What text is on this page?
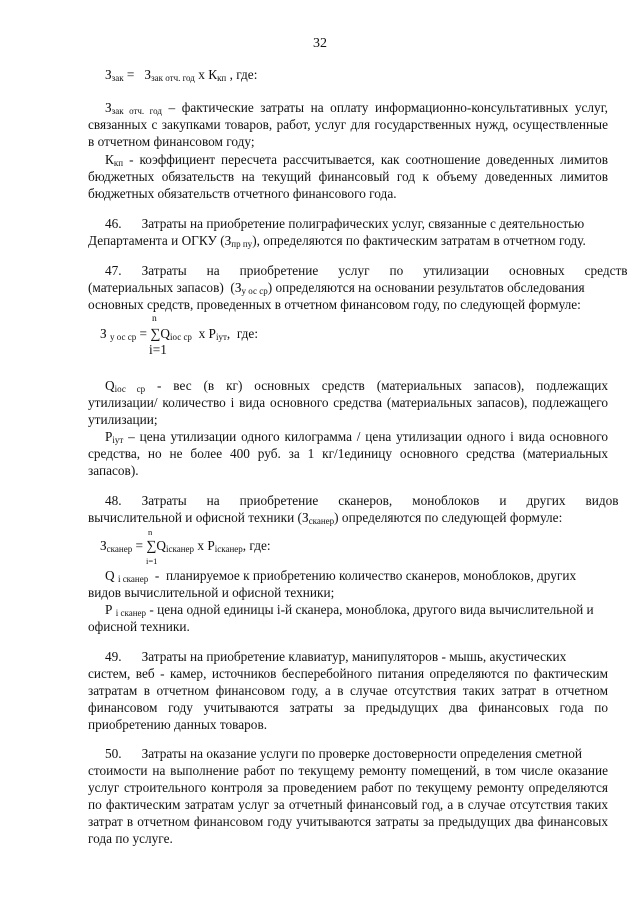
32
$З_{зак} = З_{зак отч. год}$ х $К_{кп}$ , где:
$З_{зак отч. год}$ – фактические затраты на оплату информационно-консультативных услуг,
связанных с закупками товаров, работ, услуг для государственных нужд, осуществленные
в отчетном финансовом году;
$К_{кп}$ - коэффициент пересчета рассчитывается, как соотношение доведенных лимитов
бюджетных обязательств на текущий финансовый год к объему доведенных лимитов
бюджетных обязательств отчетного финансового года.
46.      Затраты на приобретение полиграфических услуг, связанные с деятельностью
Департамента и ОГКУ $(З_{пр пу})$, определяются по фактическим затратам в отчетном году.
47.      Затраты      на      приобретение      услуг      по      утилизации      основных      средств
(материальных запасов)  $(З_{у ос ср})$ определяются на основании результатов обследования
основных средств, проведенных в отчетном финансовом году, по следующей формуле:
n
З $_{у ос ср} = \sum Q_{iос ср}$  х $Р_{iут}$,  где:
i=1
$Q_{iос ср}$ - вес (в кг) основных средств (материальных запасов), подлежащих
утилизации/ количество i вида основного средства (материальных запасов), подлежащего
утилизации;
$Р_{iут}$ – цена утилизации одного килограмма / цена утилизации одного i вида основного
средства, но не более 400 руб. за 1 кг/1единицу основного средства (материальных
запасов).
48.      Затраты      на      приобретение      сканеров,      моноблоков      и      других      видов
вычислительной и офисной техники $(З_{сканер})$ определяются по следующей формуле:
n
$З_{сканер} = \sum Q_{iсканер}$ х $Р_{iсканер}$, где:
i=1
Q $_{i сканер}$  -  планируемое к приобретению количество сканеров, моноблоков, других
видов вычислительной и офисной техники;
Р $_{i сканер}$ - цена одной единицы i-й сканера, моноблока, другого вида вычислительной и
офисной техники.
49.      Затраты на приобретение клавиатур, манипуляторов - мышь, акустических
систем, веб - камер, источников бесперебойного питания определяются по фактическим
затратам в отчетном финансовом году, а в случае отсутствия таких затрат в отчетном
финансовом году учитываются затраты за предыдущих два финансовых года по
приобретению данных товаров.
50.      Затраты на оказание услуги по проверке достоверности определения сметной
стоимости на выполнение работ по текущему ремонту помещений, в том числе оказание
услуг строительного контроля за проведением работ по текущему ремонту определяются
по фактическим затратам услуг за отчетный финансовый год, а в случае отсутствия таких
затрат в отчетном финансовом году учитываются затраты за предыдущих два финансовых
года по услуге.
